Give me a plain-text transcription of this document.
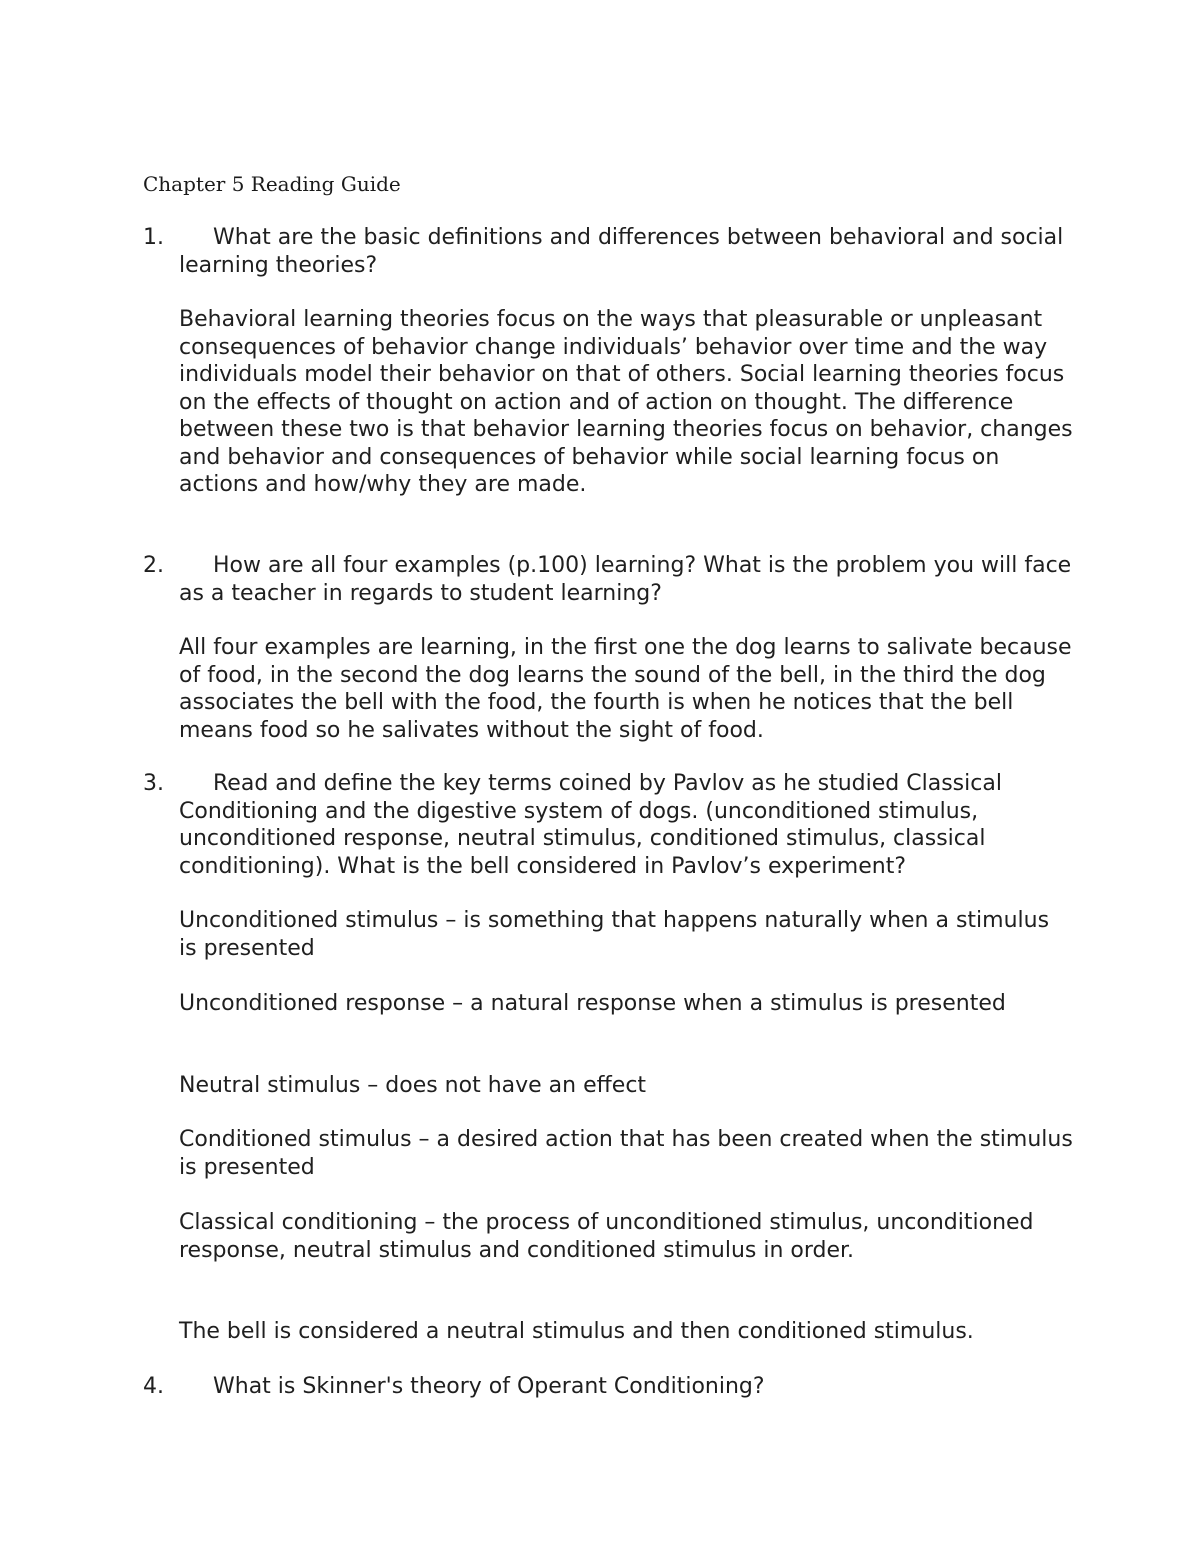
Chapter 5 Reading Guide

1.	What are the basic definitions and differences between behavioral and social learning theories?

Behavioral learning theories focus on the ways that pleasurable or unpleasant consequences of behavior change individuals’ behavior over time and the way individuals model their behavior on that of others. Social learning theories focus on the effects of thought on action and of action on thought. The difference between these two is that behavior learning theories focus on behavior, changes and behavior and consequences of behavior while social learning focus on actions and how/why they are made.

2.	How are all four examples (p.100) learning? What is the problem you will face as a teacher in regards to student learning?

All four examples are learning, in the first one the dog learns to salivate because of food, in the second the dog learns the sound of the bell, in the third the dog associates the bell with the food, the fourth is when he notices that the bell means food so he salivates without the sight of food.

3.	Read and define the key terms coined by Pavlov as he studied Classical Conditioning and the digestive system of dogs. (unconditioned stimulus, unconditioned response, neutral stimulus, conditioned stimulus, classical conditioning). What is the bell considered in Pavlov’s experiment?

Unconditioned stimulus – is something that happens naturally when a stimulus is presented

Unconditioned response – a natural response when a stimulus is presented

Neutral stimulus – does not have an effect

Conditioned stimulus – a desired action that has been created when the stimulus is presented

Classical conditioning – the process of unconditioned stimulus, unconditioned response, neutral stimulus and conditioned stimulus in order.

The bell is considered a neutral stimulus and then conditioned stimulus.

4.	What is Skinner's theory of Operant Conditioning?
